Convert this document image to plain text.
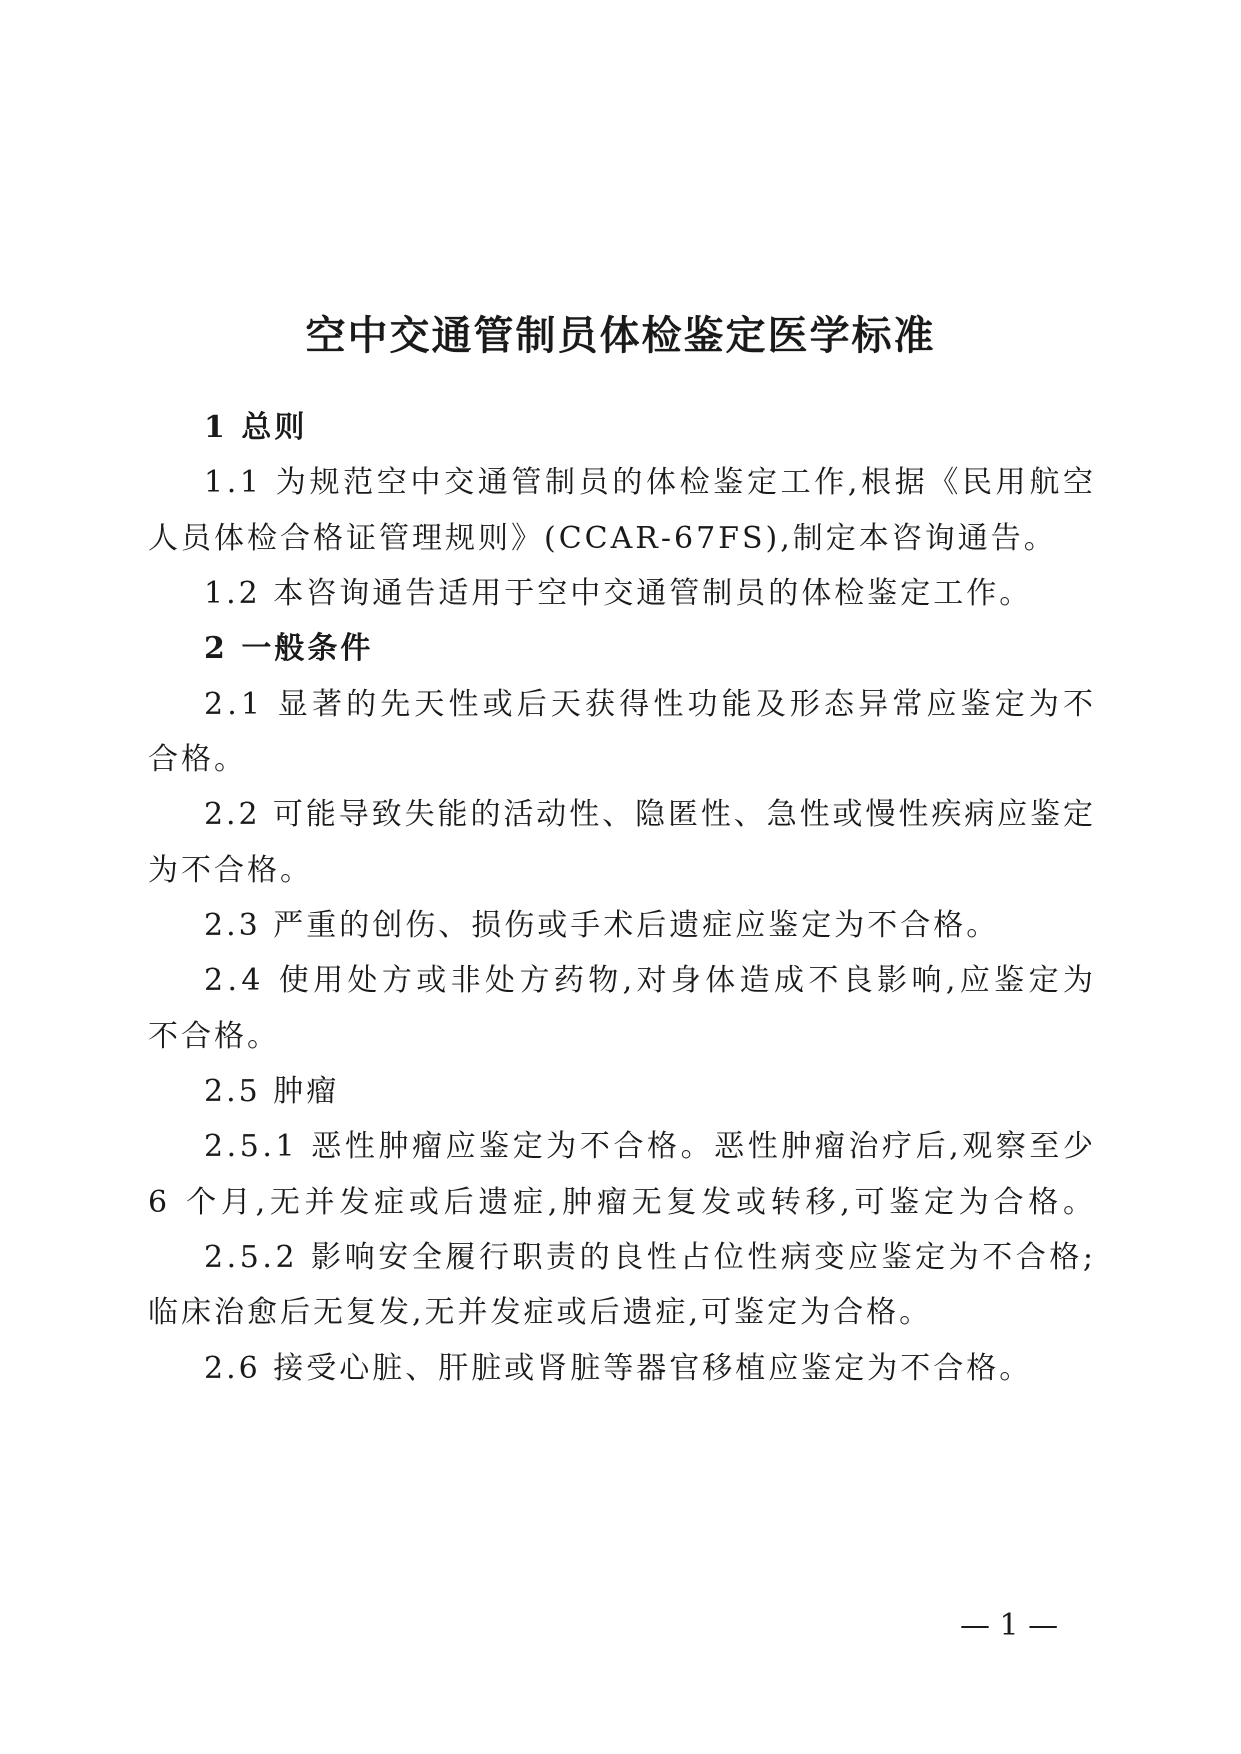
空中交通管制员体检鉴定医学标准
1 总则
1.1 为规范空中交通管制员的体检鉴定工作,根据《民用航空
人员体检合格证管理规则》(CCAR-67FS),制定本咨询通告。
1.2 本咨询通告适用于空中交通管制员的体检鉴定工作。
2 一般条件
2.1 显著的先天性或后天获得性功能及形态异常应鉴定为不
合格。
2.2 可能导致失能的活动性、隐匿性、急性或慢性疾病应鉴定
为不合格。
2.3 严重的创伤、损伤或手术后遗症应鉴定为不合格。
2.4 使用处方或非处方药物,对身体造成不良影响,应鉴定为
不合格。
2.5 肿瘤
2.5.1 恶性肿瘤应鉴定为不合格。恶性肿瘤治疗后,观察至少
6 个月,无并发症或后遗症,肿瘤无复发或转移,可鉴定为合格。
2.5.2 影响安全履行职责的良性占位性病变应鉴定为不合格;
临床治愈后无复发,无并发症或后遗症,可鉴定为合格。
2.6 接受心脏、肝脏或肾脏等器官移植应鉴定为不合格。
— 1 —
